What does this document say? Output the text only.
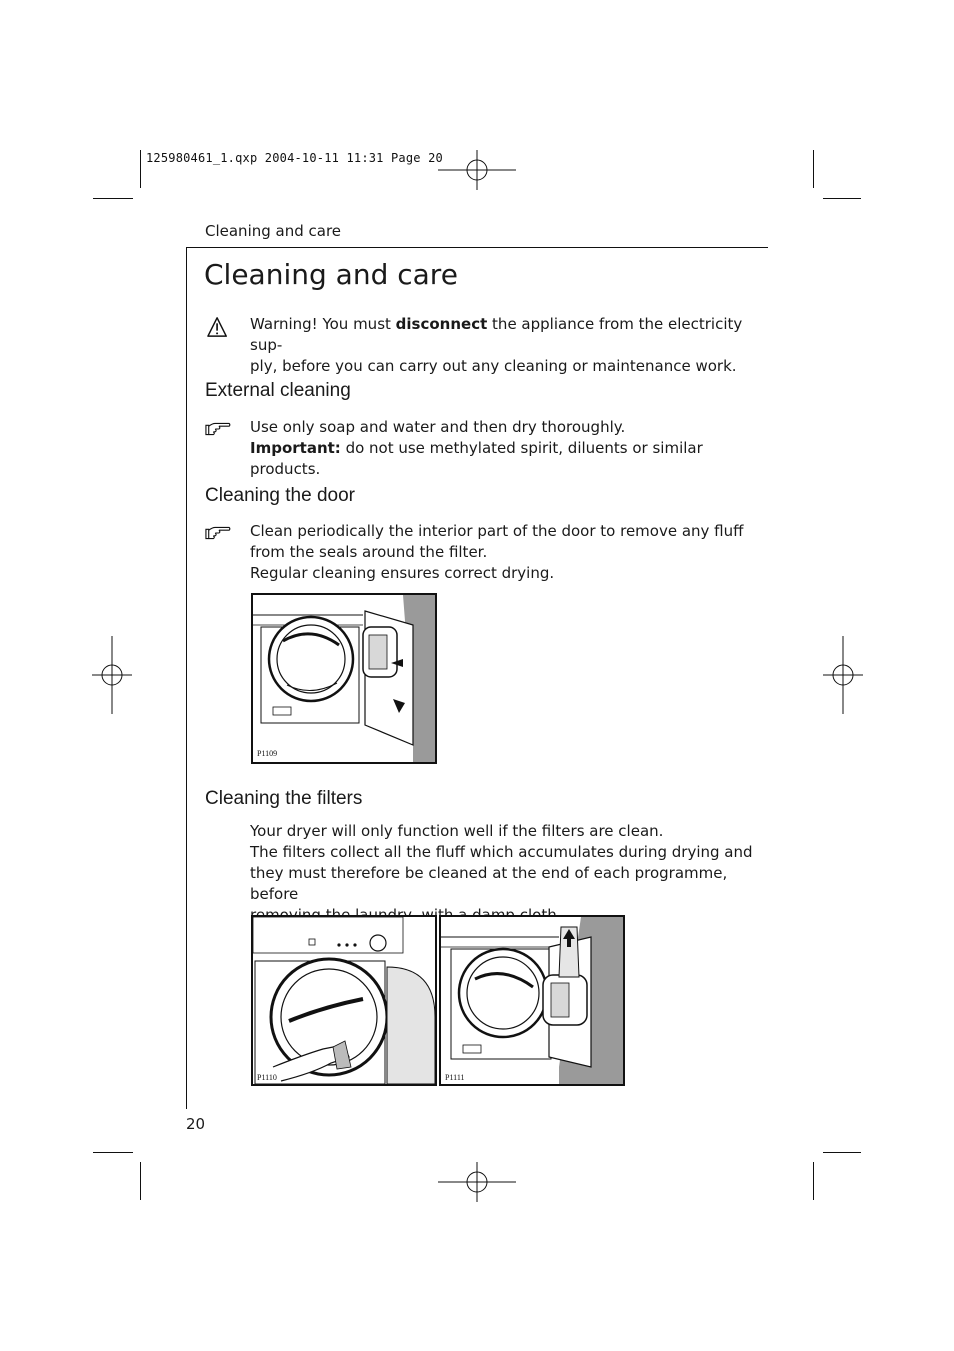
125980461_1.qxp 2004-10-11 11:31 Page 20
Cleaning and care
Cleaning and care

Warning! You must disconnect the appliance from the electricity sup-

ply, before you can carry out any cleaning or maintenance work.

External cleaning

Use only soap and water and then dry thoroughly.

Important: do not use methylated spirit, diluents or similar products.

Cleaning the door

Clean periodically the interior part of the door to remove any fluff

from the seals around the filter.

Regular cleaning ensures correct drying.

P1109
Cleaning the filters

Your dryer will only function well if the filters are clean.

The filters collect all the fluff which accumulates during drying and

they must therefore be cleaned at the end of each programme, before

with

P1110	P1111
20
